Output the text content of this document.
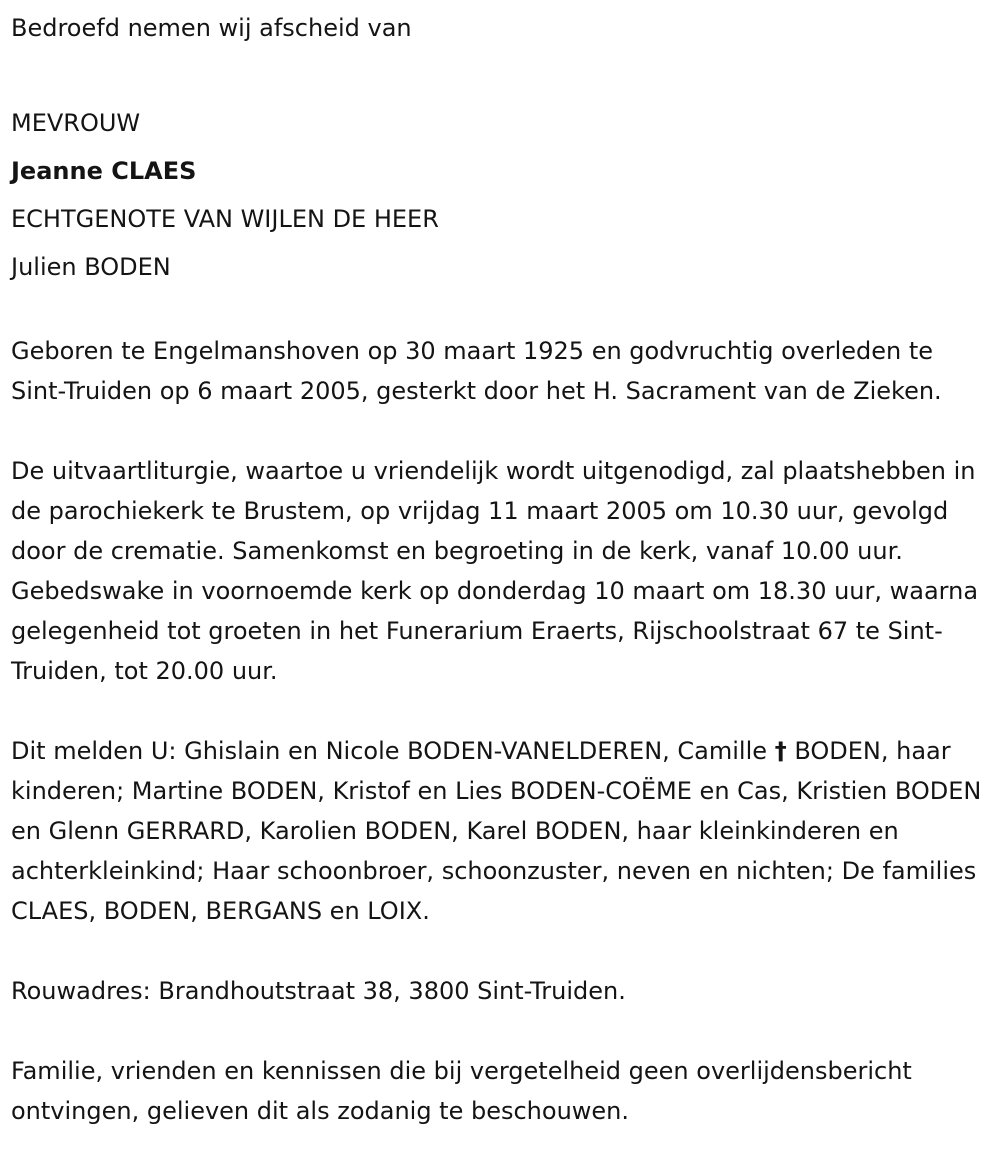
Bedroefd nemen wij afscheid van

MEVROUW

Jeanne CLAES

ECHTGENOTE VAN WIJLEN DE HEER

Julien BODEN

Geboren te Engelmanshoven op 30 maart 1925 en godvruchtig overleden te Sint-Truiden op 6 maart 2005, gesterkt door het H. Sacrament van de Zieken.

De uitvaartliturgie, waartoe u vriendelijk wordt uitgenodigd, zal plaatshebben in de parochiekerk te Brustem, op vrijdag 11 maart 2005 om 10.30 uur, gevolgd door de crematie. Samenkomst en begroeting in de kerk, vanaf 10.00 uur. Gebedswake in voornoemde kerk op donderdag 10 maart om 18.30 uur, waarna gelegenheid tot groeten in het Funerarium Eraerts, Rijschoolstraat 67 te Sint-Truiden, tot 20.00 uur.

Dit melden U: Ghislain en Nicole BODEN-VANELDEREN, Camille † BODEN, haar kinderen; Martine BODEN, Kristof en Lies BODEN-COËME en Cas, Kristien BODEN en Glenn GERRARD, Karolien BODEN, Karel BODEN, haar kleinkinderen en achterkleinkind; Haar schoonbroer, schoonzuster, neven en nichten; De families CLAES, BODEN, BERGANS en LOIX.

Rouwadres: Brandhoutstraat 38, 3800 Sint-Truiden.

Familie, vrienden en kennissen die bij vergetelheid geen overlijdensbericht ontvingen, gelieven dit als zodanig te beschouwen.
